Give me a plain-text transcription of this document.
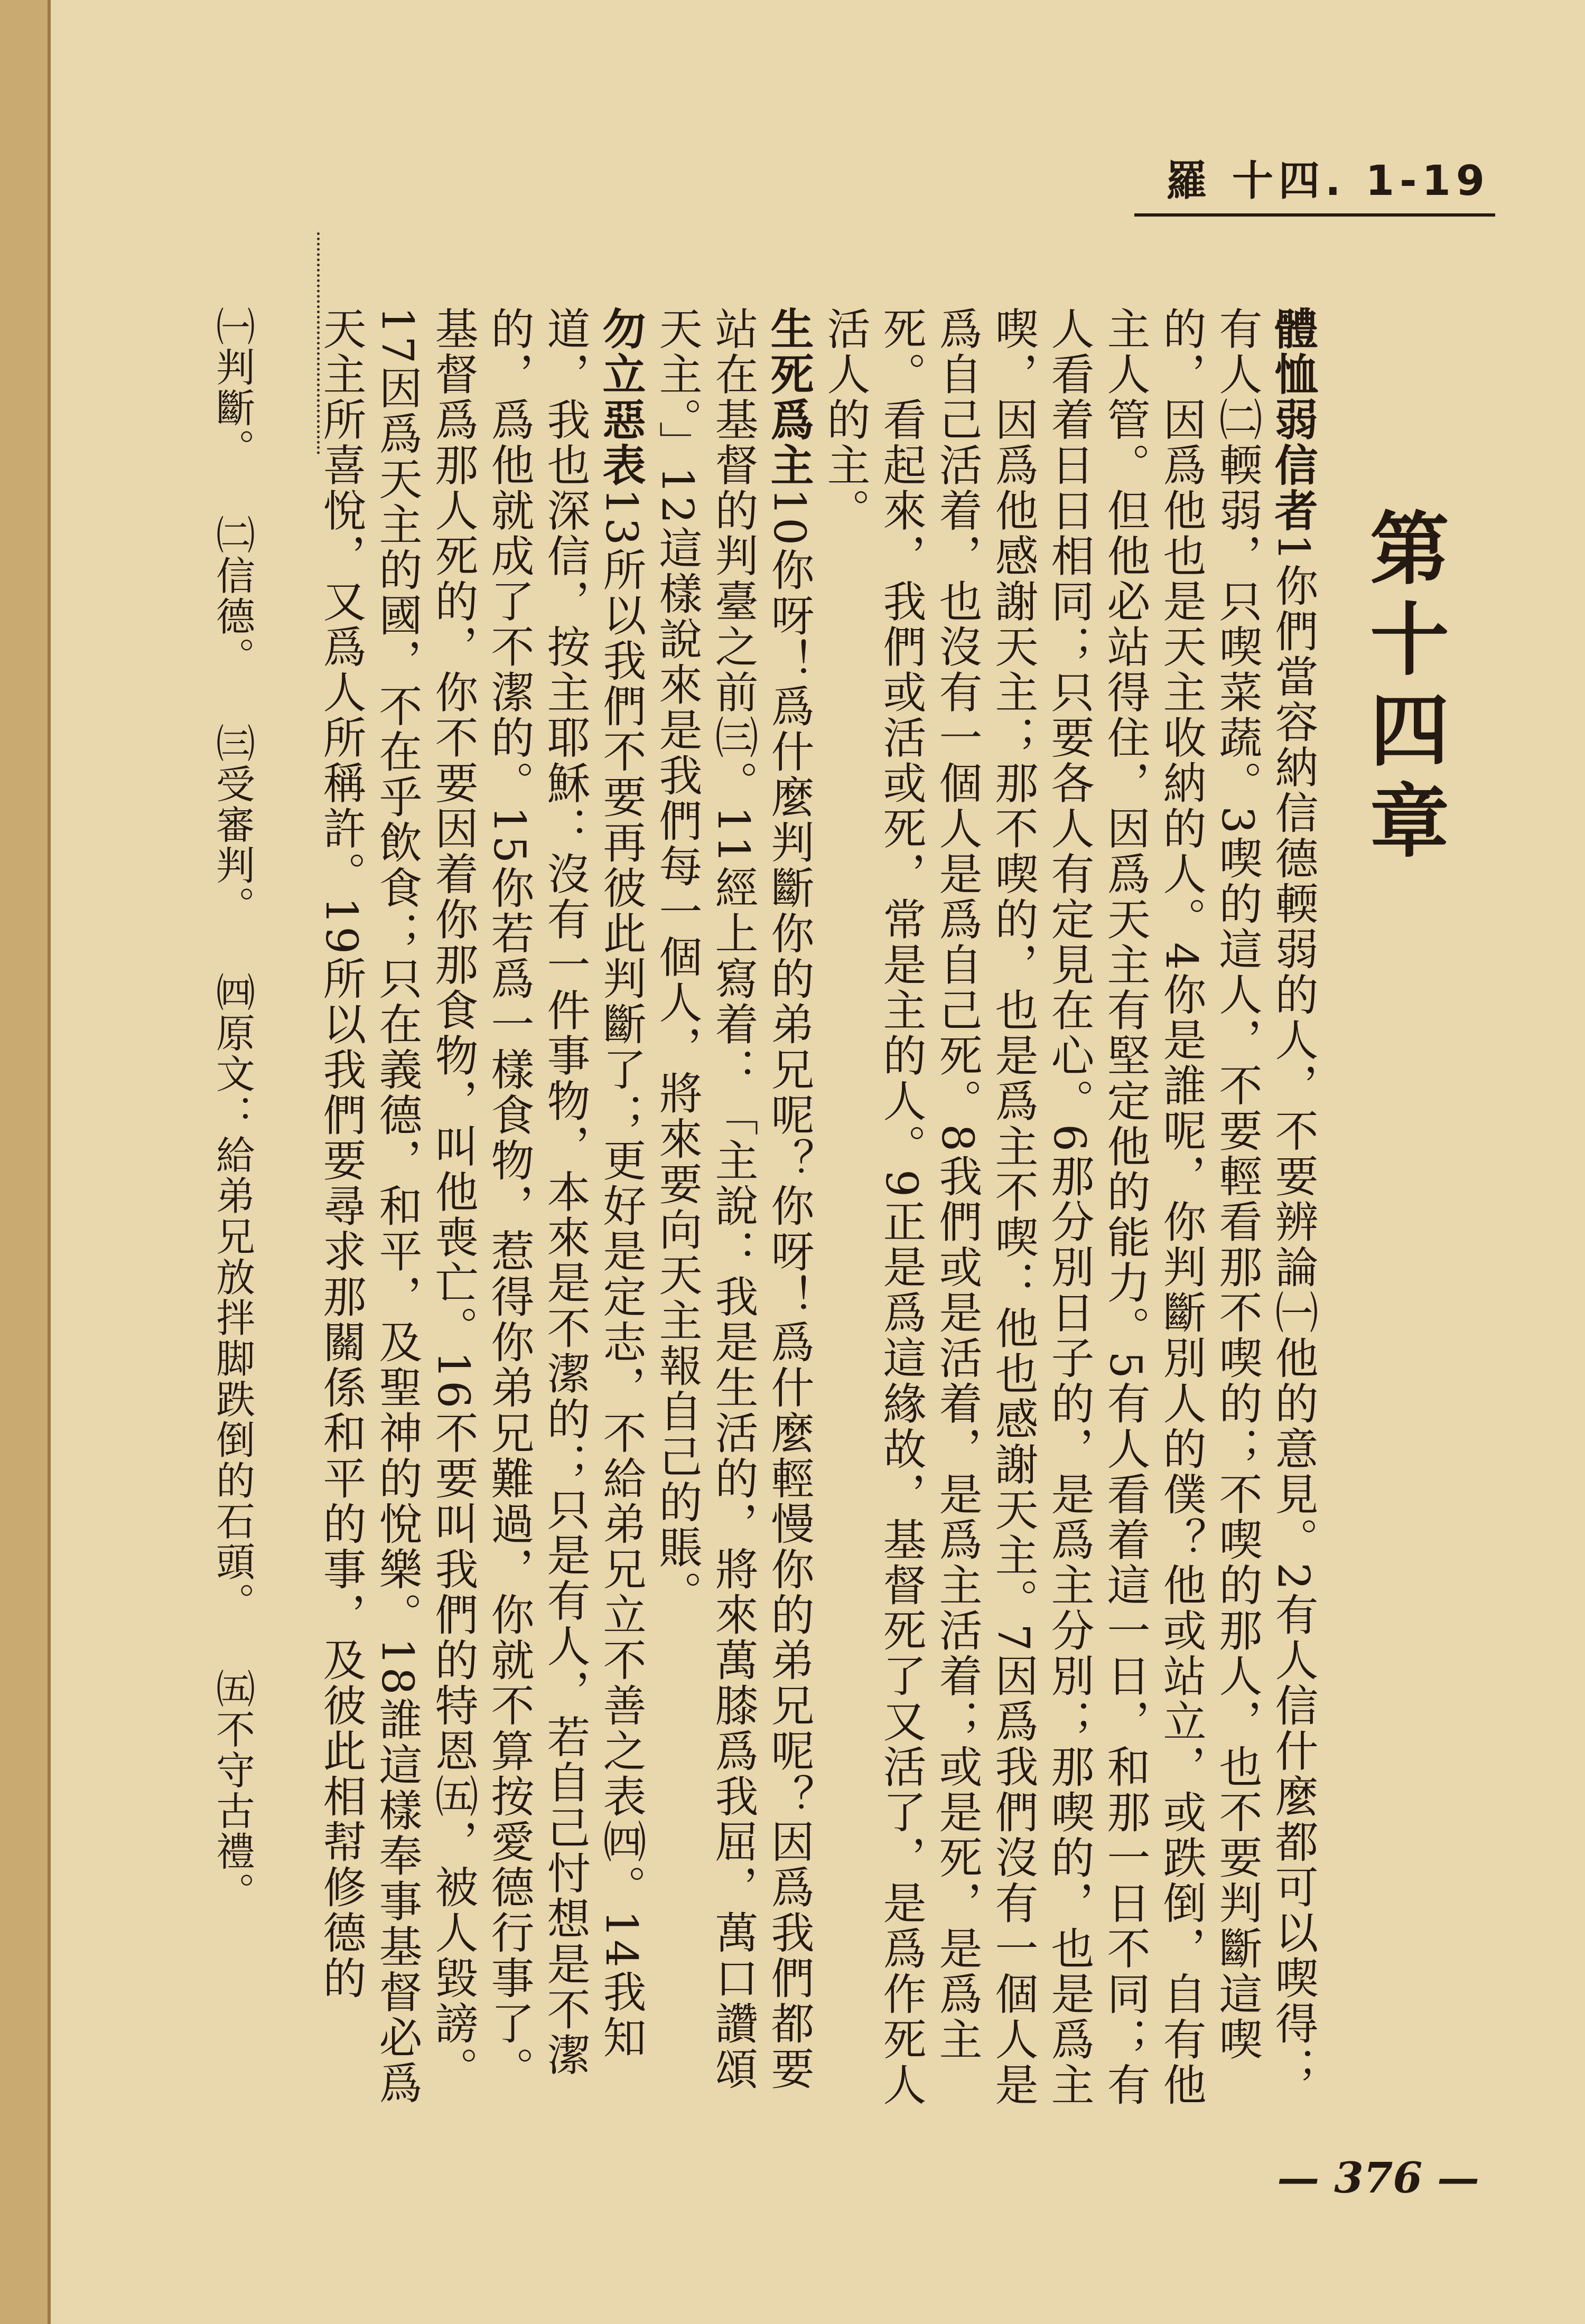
羅 十四. 1-19
第十四章
體恤弱信者1你們當容納信德輭弱的人，不要辨論㈠他的意見。2有人信什麼都可以喫得；有人㈡輭弱，只喫菜蔬。3喫的這人，不要輕看那不喫的；不喫的那人，也不要判斷這喫的，因爲他也是天主收納的人。4你是誰呢，你判斷別人的僕？他或站立，或跌倒，自有他主人管。但他必站得住，因爲天主有堅定他的能力。5有人看着這一日，和那一日不同；有人看着日日相同；只要各人有定見在心。6那分別日子的，是爲主分別；那喫的，也是爲主喫，因爲他感謝天主；那不喫的，也是爲主不喫：他也感謝天主。7因爲我們沒有一個人是爲自己活着，也沒有一個人是爲自己死。8我們或是活着，是爲主活着；或是死，是爲主死。看起來，我們或活或死，常是主的人。9正是爲這緣故，基督死了又活了，是爲作死人活人的主。
生死爲主10你呀！爲什麼判斷你的弟兄呢？你呀！爲什麼輕慢你的弟兄呢？因爲我們都要站在基督的判臺之前㈢。11經上寫着：「主說：我是生活的，將來萬膝爲我屈，萬口讚頌天主。」12這樣說來是我們每一個人，將來要向天主報自己的賬。
勿立惡表13所以我們不要再彼此判斷了；更好是定志，不給弟兄立不善之表㈣。14我知道，我也深信，按主耶穌：沒有一件事物，本來是不潔的；只是有人，若自己忖想是不潔的，爲他就成了不潔的。15你若爲一樣食物，惹得你弟兄難過，你就不算按愛德行事了。基督爲那人死的，你不要因着你那食物，叫他喪亡。16不要叫我們的特恩㈤，被人毀謗。17因爲天主的國，不在乎飲食；只在義德，和平，及聖神的悅樂。18誰這樣奉事基督必爲天主所喜悅，又爲人所稱許。19所以我們要尋求那關係和平的事，及彼此相幇修德的
㈠判斷。 ㈡信德。 ㈢受審判。 ㈣原文：給弟兄放拌脚跌倒的石頭。 ㈤不守古禮。
— 376 —
